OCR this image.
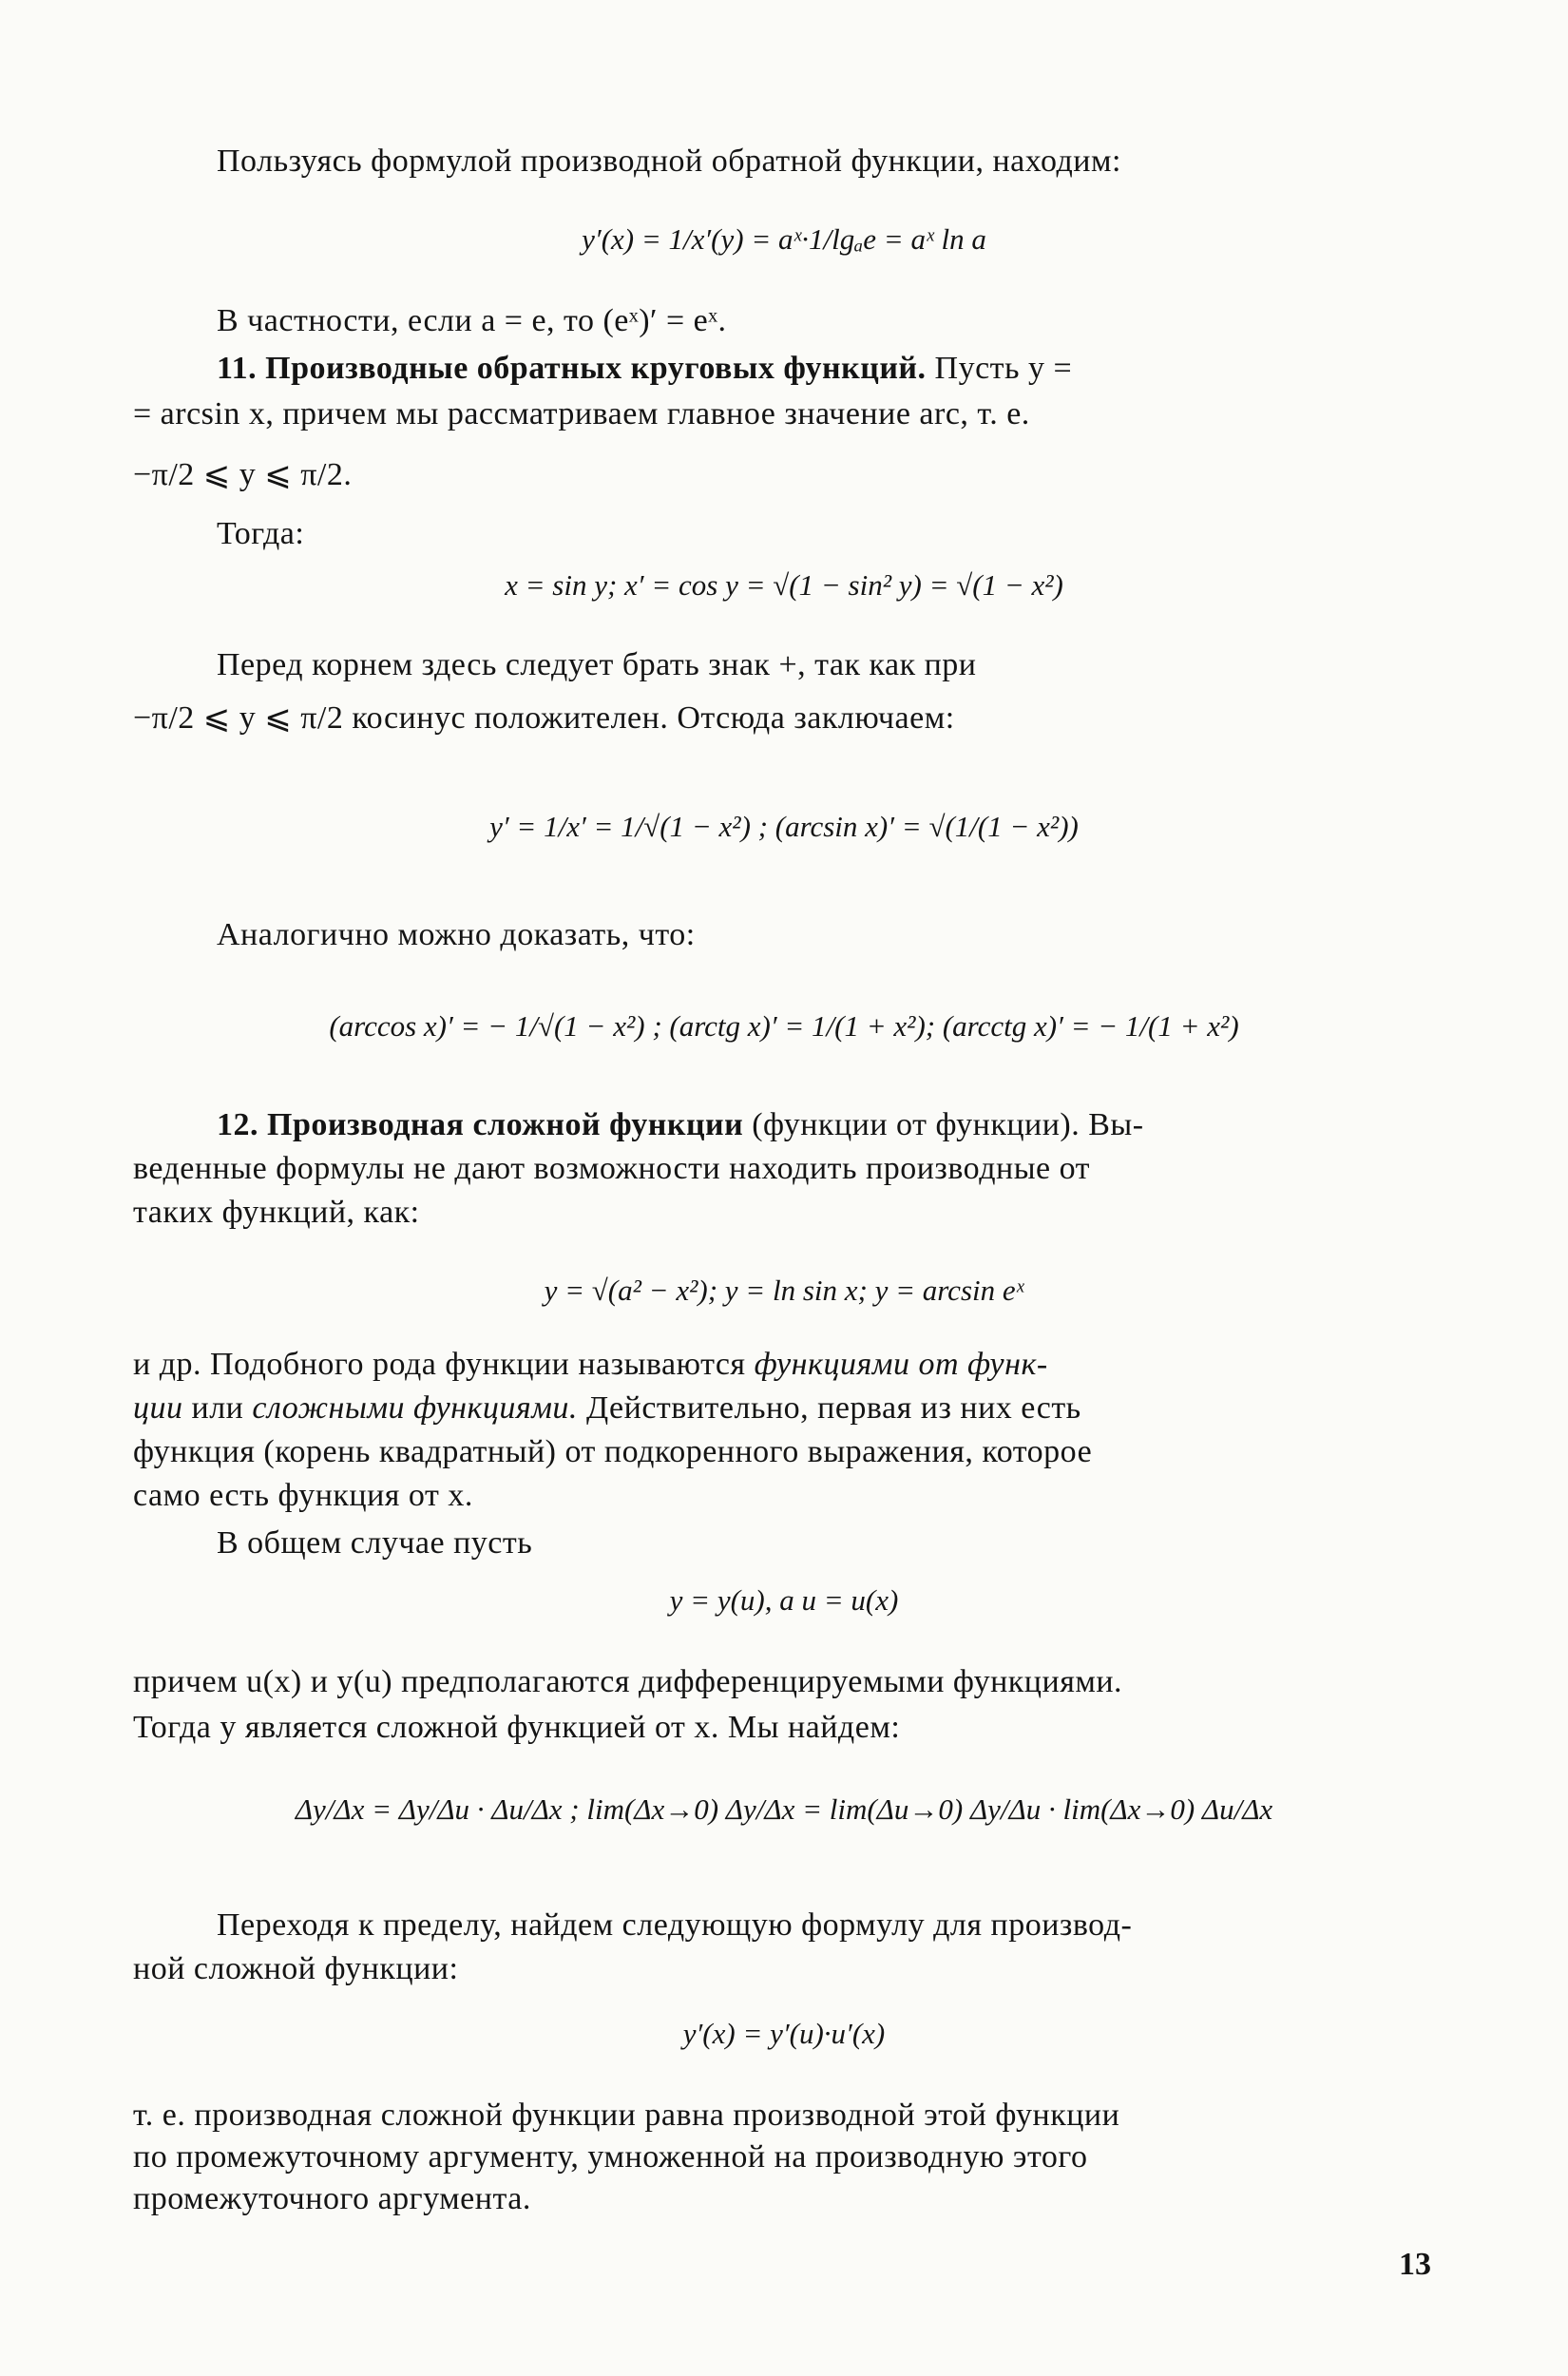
Пользуясь формулой производной обратной функции, находим:
y′(x) = 1/x′(y) = aˣ·1/lgₐe = aˣ ln a
В частности, если a = e, то (eˣ)′ = eˣ.
11. Производные обратных круговых функций. Пусть y =
= arcsin x, причем мы рассматриваем главное значение arc, т. е.
−π/2 ⩽ y ⩽ π/2.
Тогда:
x = sin y; x′ = cos y = √(1 − sin² y) = √(1 − x²)
Перед корнем здесь следует брать знак +, так как при
−π/2 ⩽ y ⩽ π/2 косинус положителен. Отсюда заключаем:
y′ = 1/x′ = 1/√(1 − x²) ; (arcsin x)′ = √(1/(1 − x²))
Аналогично можно доказать, что:
(arccos x)′ = − 1/√(1 − x²) ; (arctg x)′ = 1/(1 + x²); (arcctg x)′ = − 1/(1 + x²)
12. Производная сложной функции (функции от функции). Вы-
веденные формулы не дают возможности находить производные от
таких функций, как:
y = √(a² − x²); y = ln sin x; y = arcsin eˣ
и др. Подобного рода функции называются функциями от функ-
ции или сложными функциями. Действительно, первая из них есть
функция (корень квадратный) от подкоренного выражения, которое
само есть функция от x.
В общем случае пусть
y = y(u), а u = u(x)
причем u(x) и y(u) предполагаются дифференцируемыми функциями.
Тогда y является сложной функцией от x. Мы найдем:
Δy/Δx = Δy/Δu · Δu/Δx ; lim(Δx→0) Δy/Δx = lim(Δu→0) Δy/Δu · lim(Δx→0) Δu/Δx
Переходя к пределу, найдем следующую формулу для производ-
ной сложной функции:
y′(x) = y′(u)·u′(x)
т. е. производная сложной функции равна производной этой функции
по промежуточному аргументу, умноженной на производную этого
промежуточного аргумента.
13
